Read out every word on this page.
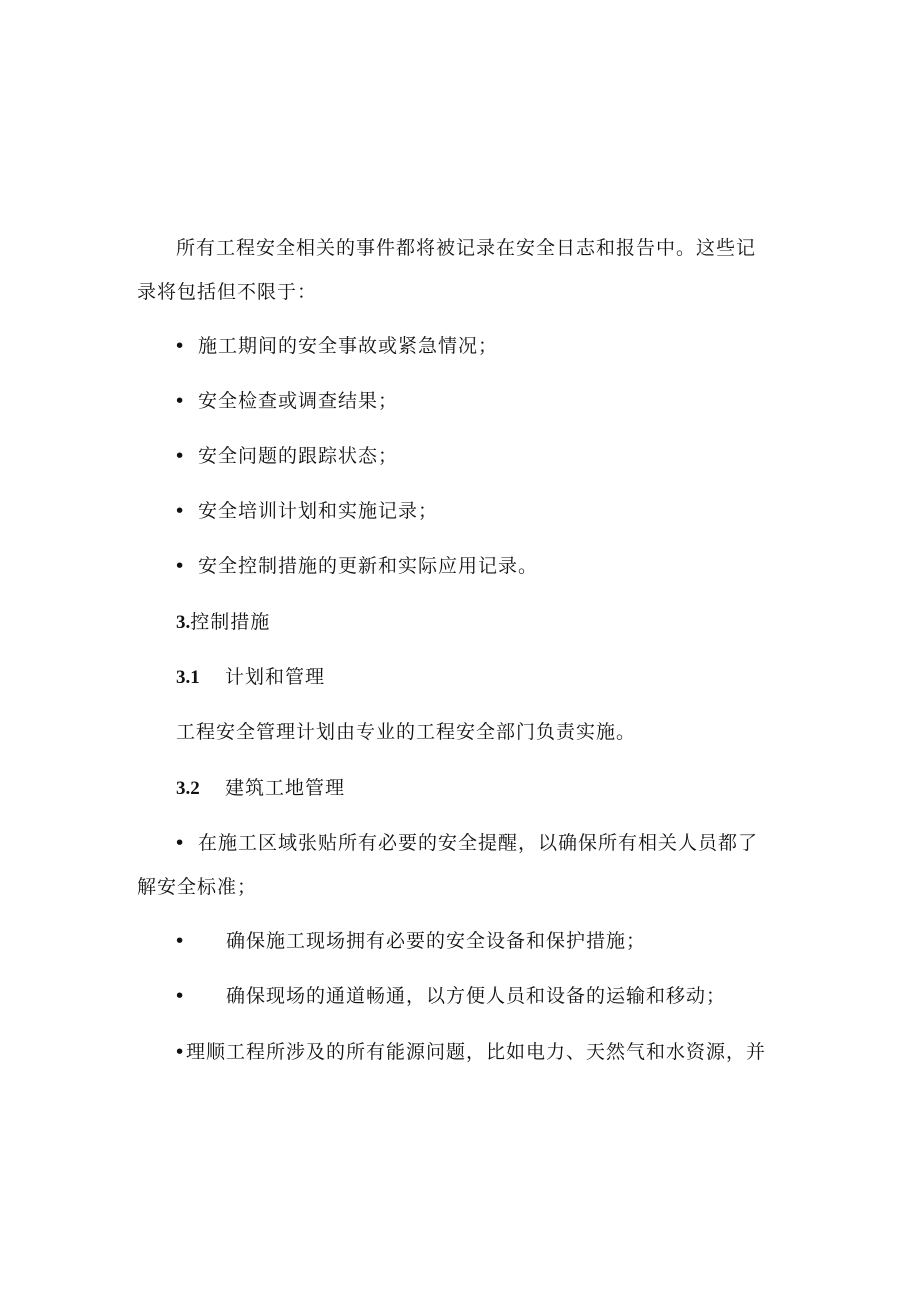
所有工程安全相关的事件都将被记录在安全日志和报告中。这些记
录将包括但不限于：
• 施工期间的安全事故或紧急情况；
• 安全检查或调查结果；
• 安全问题的跟踪状态；
• 安全培训计划和实施记录；
• 安全控制措施的更新和实际应用记录。
3.控制措施
3.1 计划和管理
工程安全管理计划由专业的工程安全部门负责实施。
3.2 建筑工地管理
• 在施工区域张贴所有必要的安全提醒，以确保所有相关人员都了
解安全标准；
• 确保施工现场拥有必要的安全设备和保护措施；
• 确保现场的通道畅通，以方便人员和设备的运输和移动；
• 理顺工程所涉及的所有能源问题，比如电力、天然气和水资源，并
